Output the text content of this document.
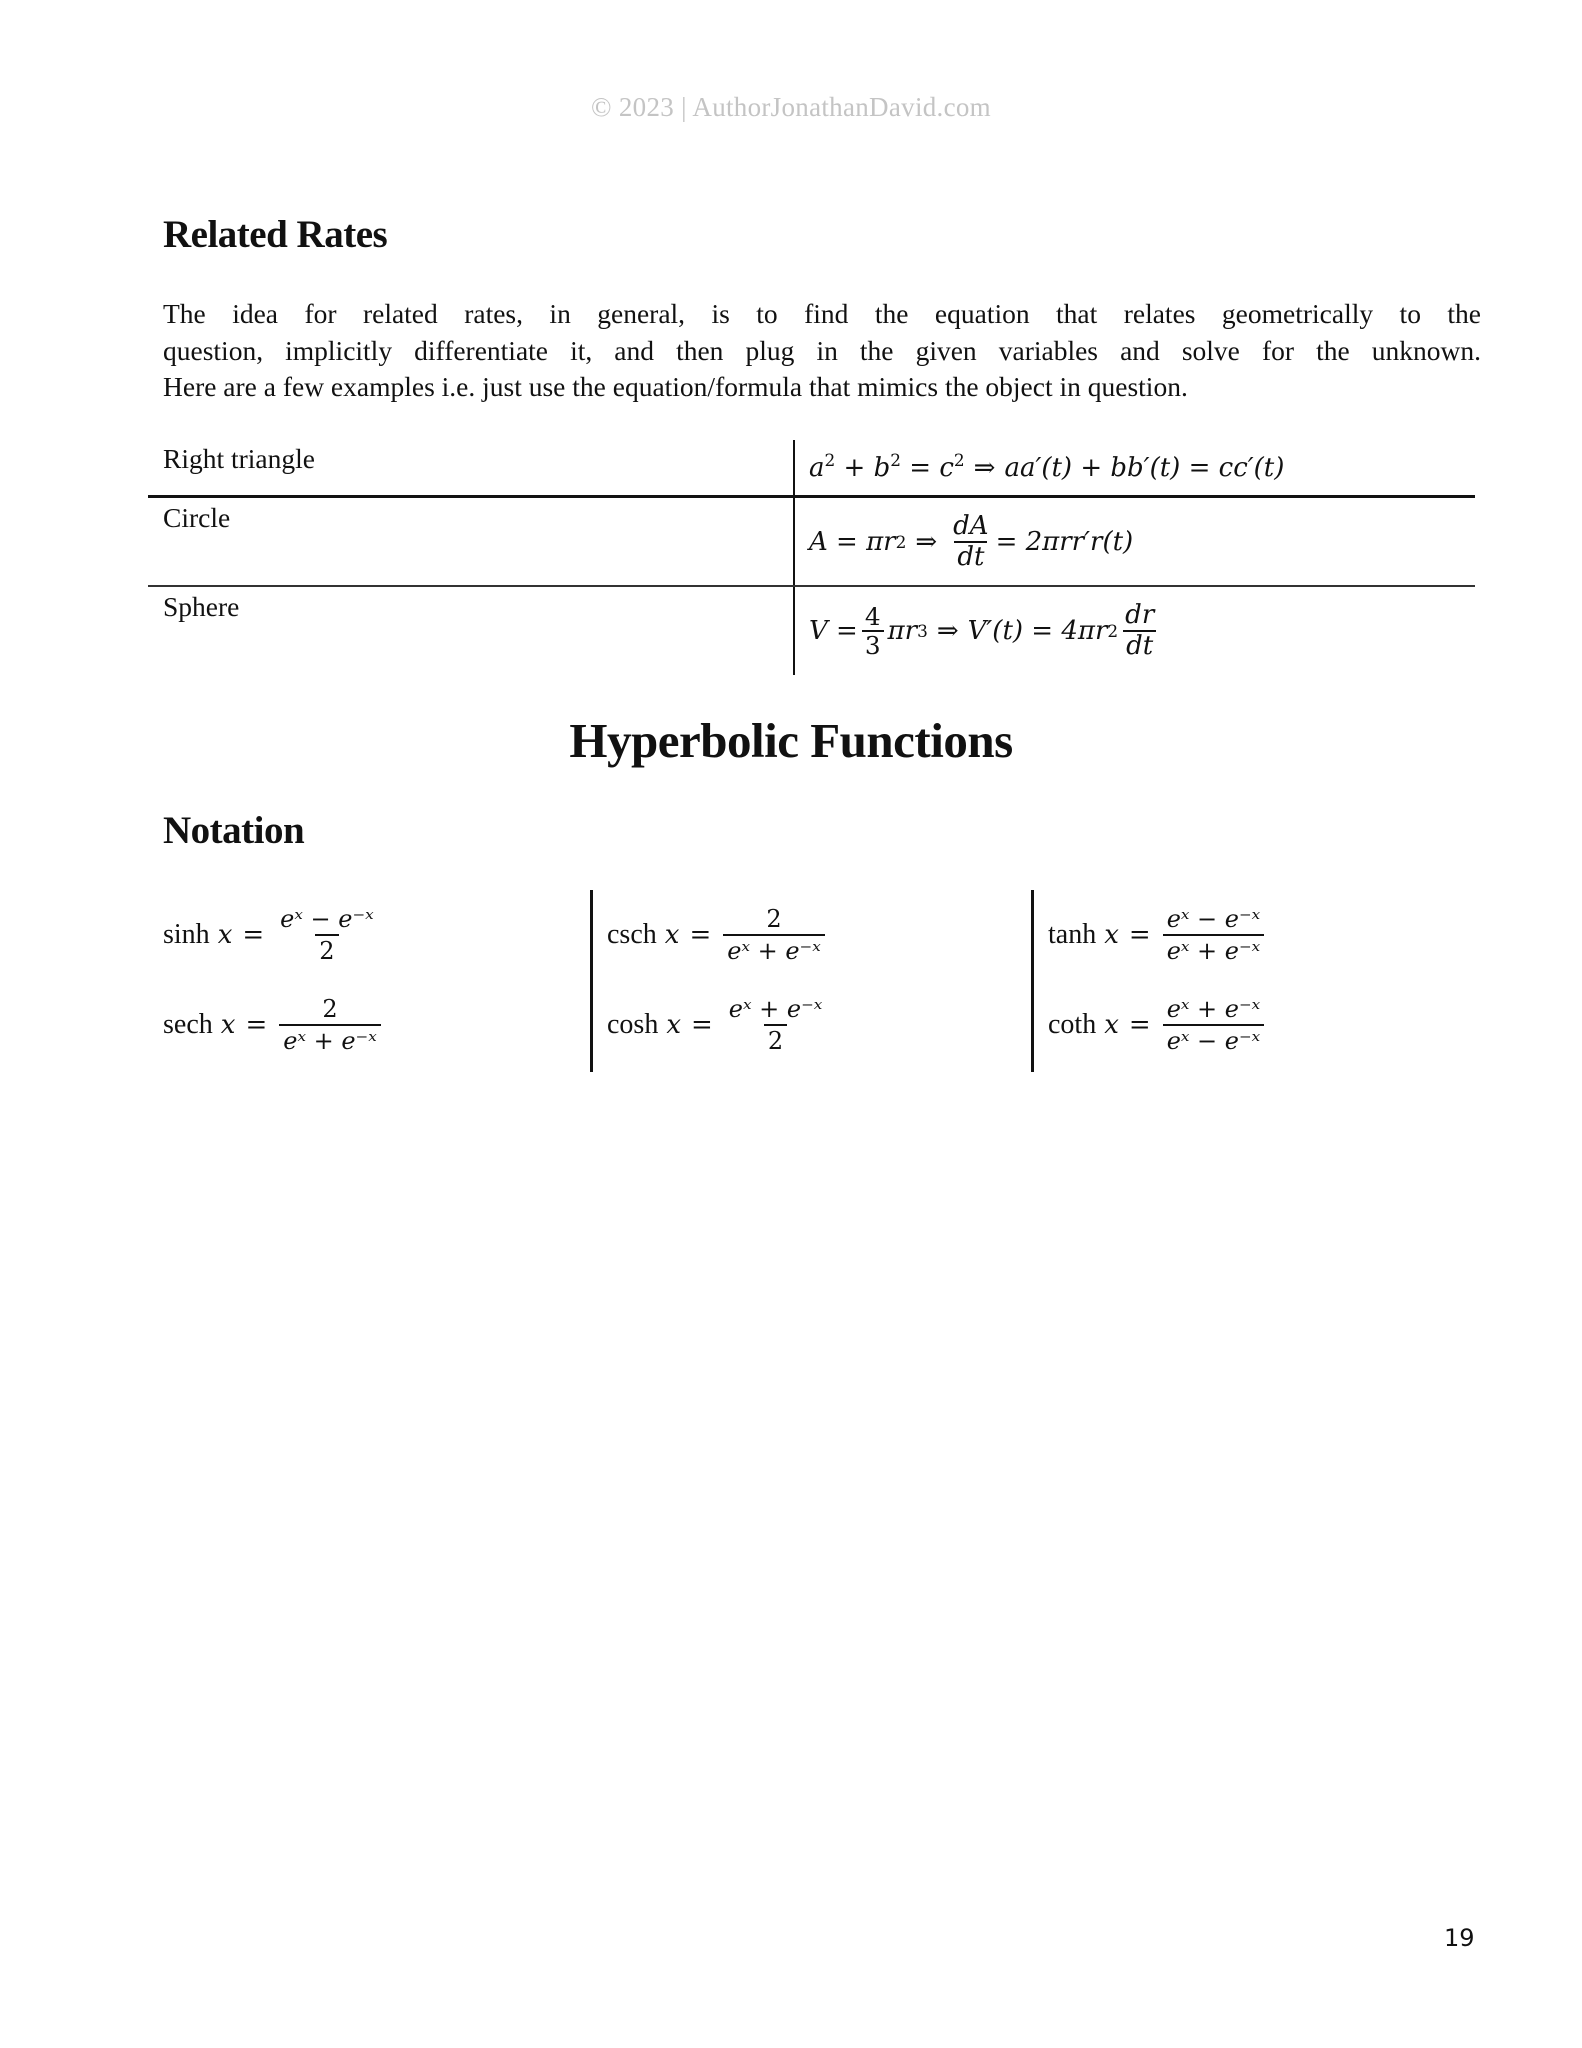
© 2023 | AuthorJonathanDavid.com
Related Rates
The idea for related rates, in general, is to find the equation that relates geometrically to the
question, implicitly differentiate it, and then plug in the given variables and solve for the unknown.
Here are a few examples i.e. just use the equation/formula that mimics the object in question.
Right triangle	$a^2 + b^2 = c^2$ ⇒ aa′(t) + bb′(t) = cc′(t)
Circle
A = πr 2 ⇒ $\frac{dA}{dt} = 2\pi rr'r(t)$
Sphere
$V = \frac{4}{3}$ πr 3 ⇒ V′(t) = 4πr $2 \frac{dr}{dt}$
Hyperbolic Functions
Notation
$\sinh x = \frac{\text{eˣ − e⁻ˣ}}{2}$
sech $x = \frac{2}{\text{eˣ + e⁻ˣ}}$
csch $x = \frac{2}{\text{eˣ + e⁻ˣ}}$
$\cosh x = \frac{\text{eˣ + e⁻ˣ}}{2}$
$\tanh x = \frac{\text{eˣ − e⁻ˣ}}{\text{eˣ + e⁻ˣ}}$
coth $x = \frac{\text{eˣ + e⁻ˣ}}{\text{eˣ − e⁻ˣ}}$
19
